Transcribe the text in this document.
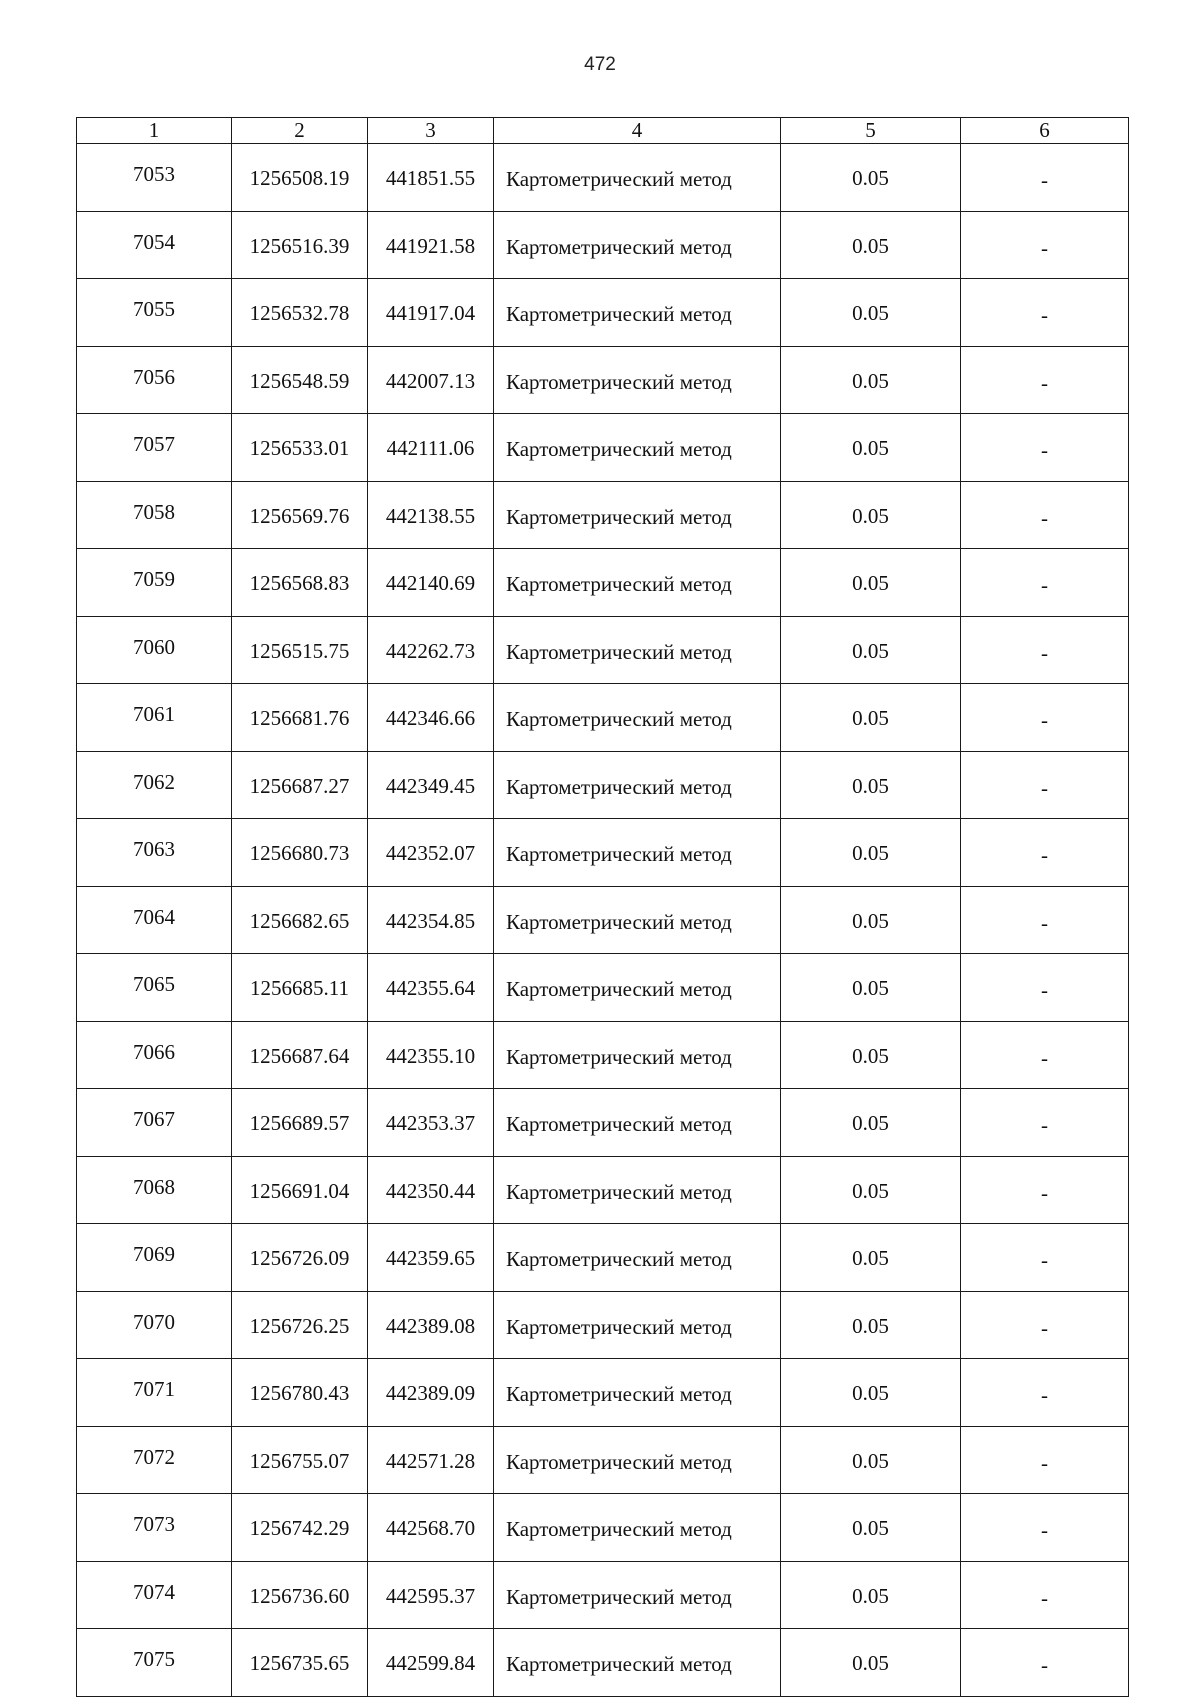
472
1	2	3	4	5	6
7053	1256508.19	441851.55	Картометрический метод	0.05	-
7054	1256516.39	441921.58	Картометрический метод	0.05	-
7055	1256532.78	441917.04	Картометрический метод	0.05	-
7056	1256548.59	442007.13	Картометрический метод	0.05	-
7057	1256533.01	442111.06	Картометрический метод	0.05	-
7058	1256569.76	442138.55	Картометрический метод	0.05	-
7059	1256568.83	442140.69	Картометрический метод	0.05	-
7060	1256515.75	442262.73	Картометрический метод	0.05	-
7061	1256681.76	442346.66	Картометрический метод	0.05	-
7062	1256687.27	442349.45	Картометрический метод	0.05	-
7063	1256680.73	442352.07	Картометрический метод	0.05	-
7064	1256682.65	442354.85	Картометрический метод	0.05	-
7065	1256685.11	442355.64	Картометрический метод	0.05	-
7066	1256687.64	442355.10	Картометрический метод	0.05	-
7067	1256689.57	442353.37	Картометрический метод	0.05	-
7068	1256691.04	442350.44	Картометрический метод	0.05	-
7069	1256726.09	442359.65	Картометрический метод	0.05	-
7070	1256726.25	442389.08	Картометрический метод	0.05	-
7071	1256780.43	442389.09	Картометрический метод	0.05	-
7072	1256755.07	442571.28	Картометрический метод	0.05	-
7073	1256742.29	442568.70	Картометрический метод	0.05	-
7074	1256736.60	442595.37	Картометрический метод	0.05	-
7075	1256735.65	442599.84	Картометрический метод	0.05	-
